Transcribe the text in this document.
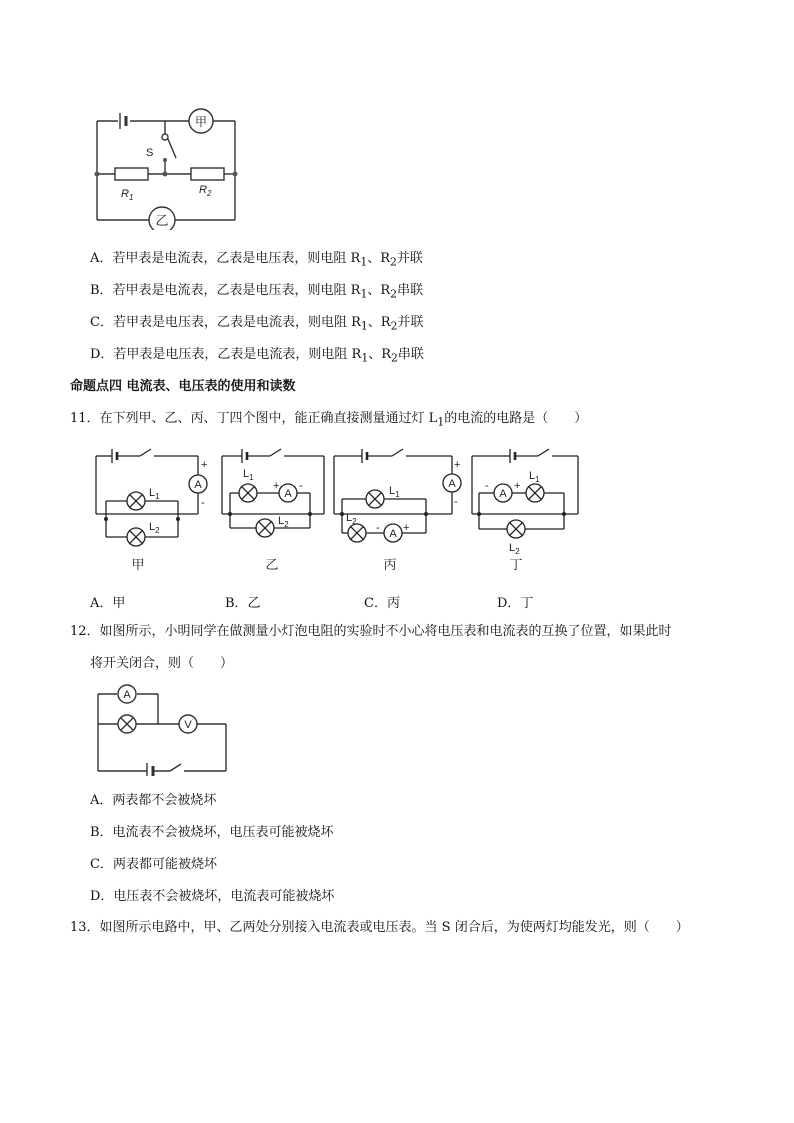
甲
乙
S
$R_1$
$R_2$
A．若甲表是电流表，乙表是电压表，则电阻 $R_1$、$R_2$并联
B．若甲表是电流表，乙表是电压表，则电阻 $R_1$、$R_2$串联
C．若甲表是电压表，乙表是电流表，则电阻 $R_1$、$R_2$并联
D．若甲表是电压表，乙表是电流表，则电阻 $R_1$、$R_2$串联
命题点四 电流表、电压表的使用和读数
11．在下列甲、乙、丙、丁四个图中，能正确直接测量通过灯 $L_1$的电流的电路是（　　）
A
+
-
$L_1$
$L_2$
$L_1$
A
+ -
$L_2$
A
+
-
$L_1$
$L_2$
A
- +
A
- +
$L_1$
$L_2$
甲	乙	丙	丁
A．甲	B．乙	C．丙	D．丁
12．如图所示，小明同学在做测量小灯泡电阻的实验时不小心将电压表和电流表的互换了位置，如果此时
将开关闭合，则（　　）
A
V
A．两表都不会被烧坏
B．电流表不会被烧坏，电压表可能被烧坏
C．两表都可能被烧坏
D．电压表不会被烧坏，电流表可能被烧坏
13．如图所示电路中，甲、乙两处分别接入电流表或电压表。当 S 闭合后，为使两灯均能发光，则（　　）
